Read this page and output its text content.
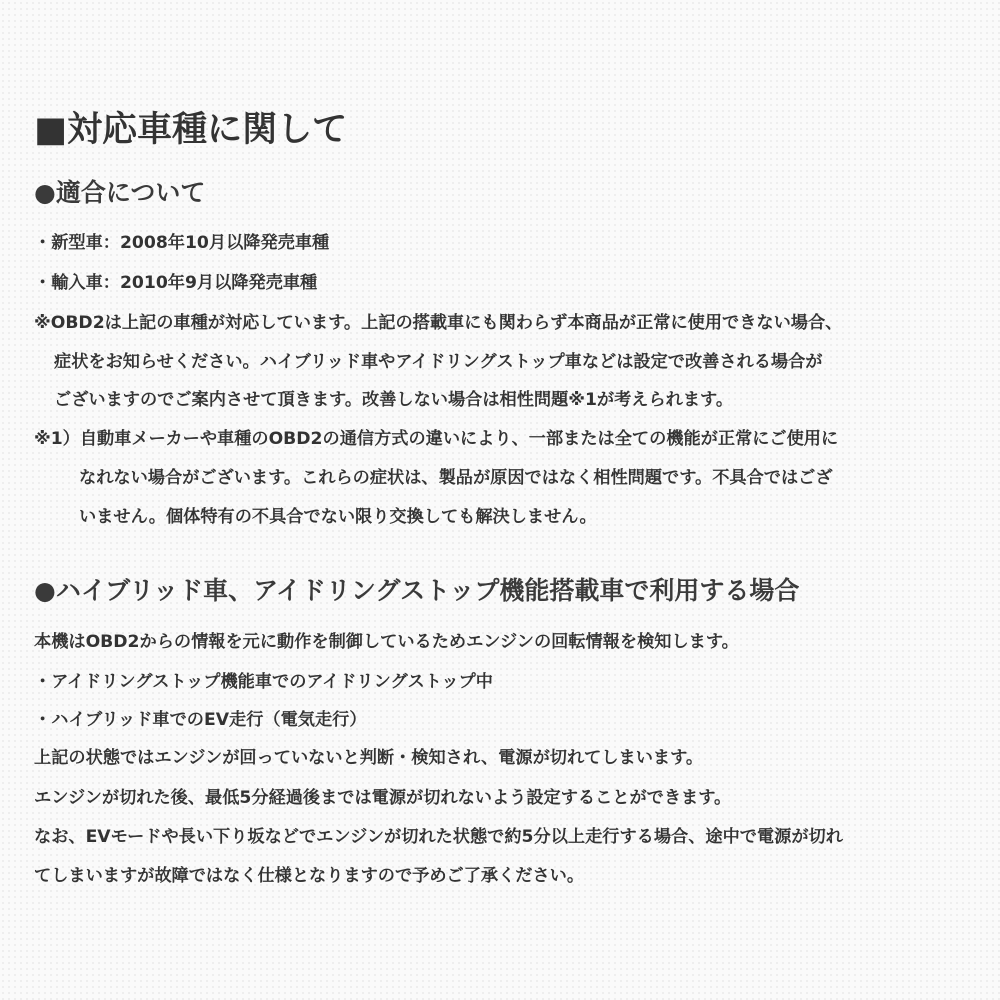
■対応車種に関して
●適合について
・新型車：2008年10月以降発売車種
・輸入車：2010年9月以降発売車種
※OBD2は上記の車種が対応しています。上記の搭載車にも関わらず本商品が正常に使用できない場合、
症状をお知らせください。ハイブリッド車やアイドリングストップ車などは設定で改善される場合が
ございますのでご案内させて頂きます。改善しない場合は相性問題※1が考えられます。
※1）自動車メーカーや車種のOBD2の通信方式の違いにより、一部または全ての機能が正常にご使用に
なれない場合がございます。これらの症状は、製品が原因ではなく相性問題です。不具合ではござ
いません。個体特有の不具合でない限り交換しても解決しません。
●ハイブリッド車、アイドリングストップ機能搭載車で利用する場合
本機はOBD2からの情報を元に動作を制御しているためエンジンの回転情報を検知します。
・アイドリングストップ機能車でのアイドリングストップ中
・ハイブリッド車でのEV走行（電気走行）
上記の状態ではエンジンが回っていないと判断・検知され、電源が切れてしまいます。
エンジンが切れた後、最低5分経過後までは電源が切れないよう設定することができます。
なお、EVモードや長い下り坂などでエンジンが切れた状態で約5分以上走行する場合、途中で電源が切れ
てしまいますが故障ではなく仕様となりますので予めご了承ください。
